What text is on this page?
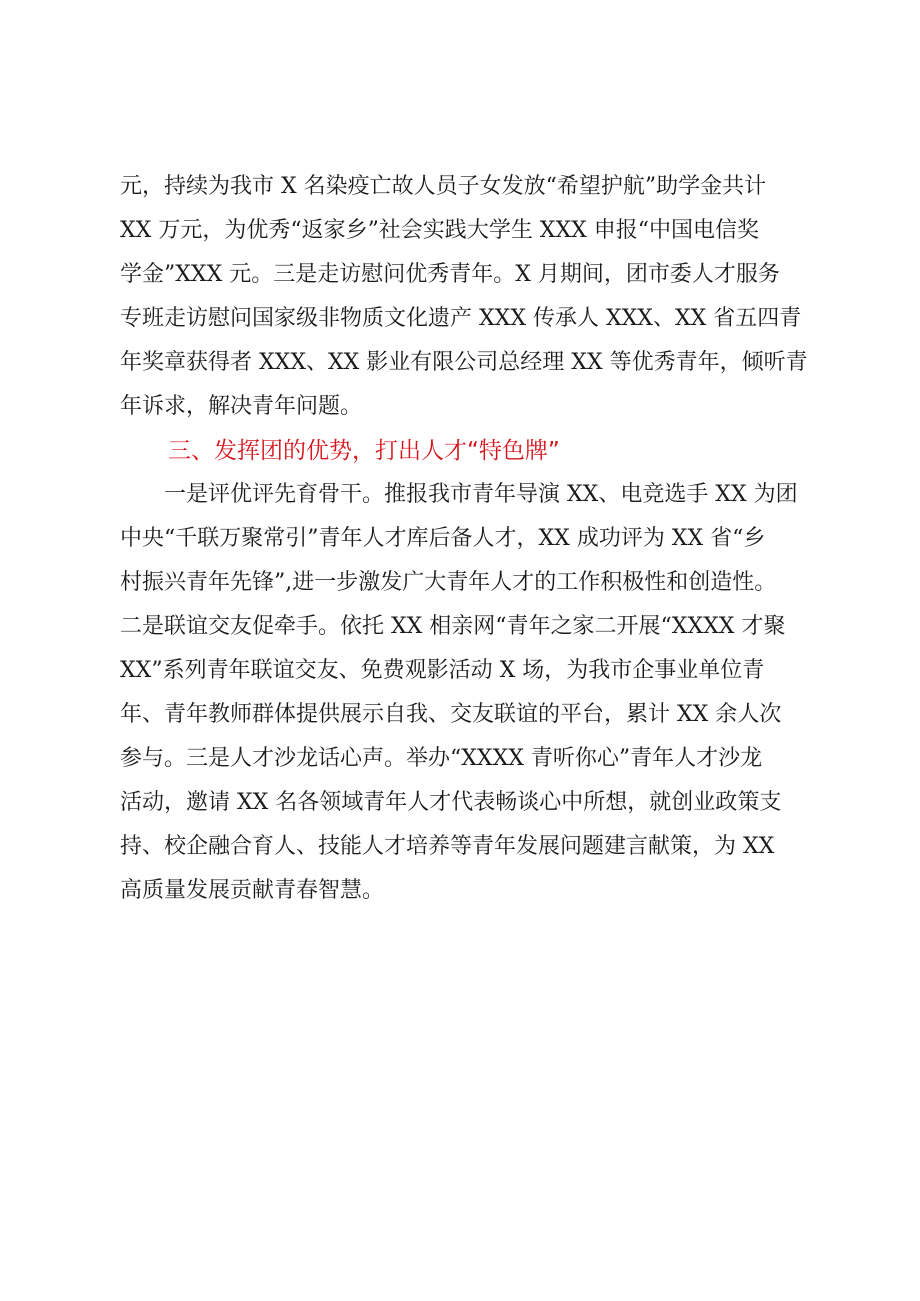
元，持续为我市 X 名染疫亡故人员子女发放“希望护航”助学金共计
XX 万元，为优秀“返家乡”社会实践大学生 XXX 申报“中国电信奖
学金”XXX 元。三是走访慰问优秀青年。X 月期间，团市委人才服务
专班走访慰问国家级非物质文化遗产 XXX 传承人 XXX、XX 省五四青
年奖章获得者 XXX、XX 影业有限公司总经理 XX 等优秀青年，倾听青
年诉求，解决青年问题。
三、发挥团的优势，打出人才“特色牌”
　　一是评优评先育骨干。推报我市青年导演 XX、电竞选手 XX 为团
中央“千联万聚常引”青年人才库后备人才，XX 成功评为 XX 省“乡
村振兴青年先锋”,进一步激发广大青年人才的工作积极性和创造性。
二是联谊交友促牵手。依托 XX 相亲网“青年之家二开展“XXXX 才聚
XX”系列青年联谊交友、免费观影活动 X 场，为我市企事业单位青
年、青年教师群体提供展示自我、交友联谊的平台，累计 XX 余人次
参与。三是人才沙龙话心声。举办“XXXX 青听你心”青年人才沙龙
活动，邀请 XX 名各领域青年人才代表畅谈心中所想，就创业政策支
持、校企融合育人、技能人才培养等青年发展问题建言献策，为 XX
高质量发展贡献青春智慧。
